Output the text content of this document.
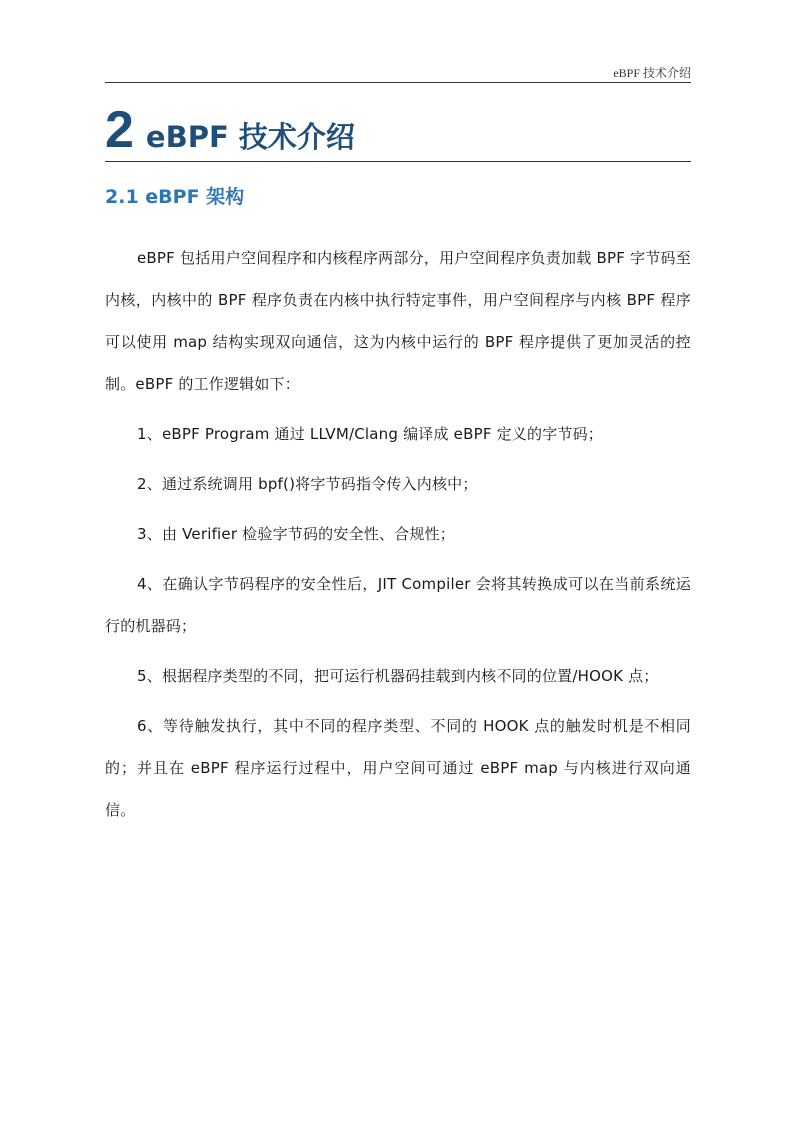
eBPF 技术介绍
2 eBPF 技术介绍
2.1 eBPF 架构

eBPF 包括用户空间程序和内核程序两部分，用户空间程序负责加载 BPF 字节码至内核，内核中的 BPF 程序负责在内核中执行特定事件，用户空间程序与内核 BPF 程序可以使用 map 结构实现双向通信，这为内核中运行的 BPF 程序提供了更加灵活的控制。eBPF 的工作逻辑如下：

1、eBPF Program 通过 LLVM/Clang 编译成 eBPF 定义的字节码；

2、通过系统调用 bpf()将字节码指令传入内核中；

3、由 Verifier 检验字节码的安全性、合规性；

4、在确认字节码程序的安全性后，JIT Compiler 会将其转换成可以在当前系统运行的机器码；

5、根据程序类型的不同，把可运行机器码挂载到内核不同的位置/HOOK 点；

6、等待触发执行，其中不同的程序类型、不同的 HOOK 点的触发时机是不相同的；并且在 eBPF 程序运行过程中，用户空间可通过 eBPF map 与内核进行双向通信。
